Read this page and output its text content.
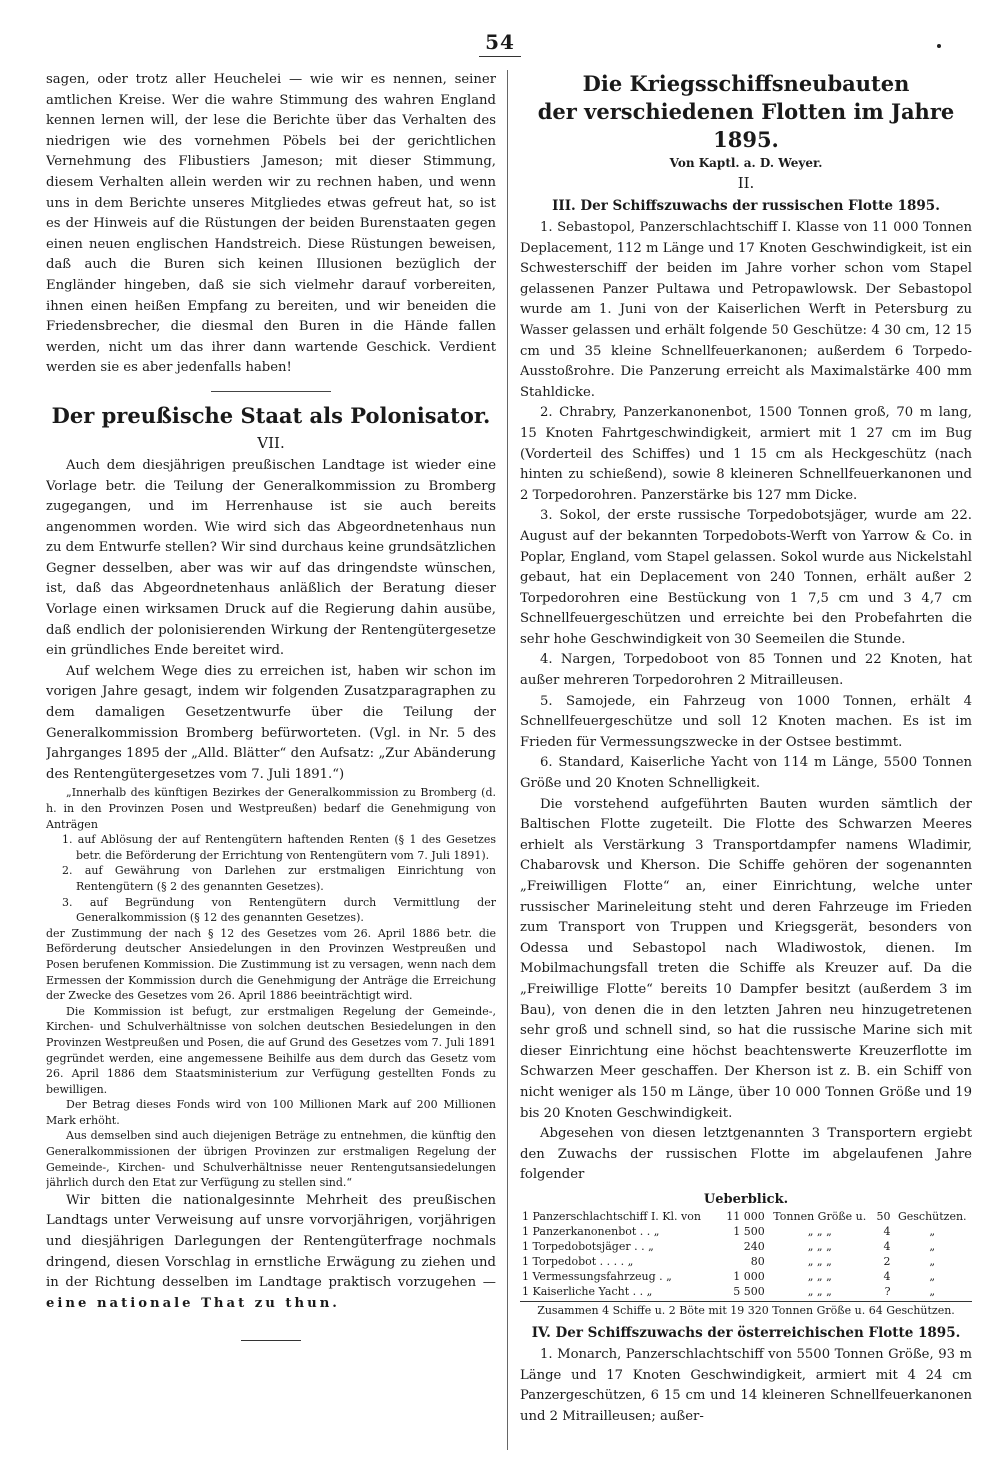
54

sagen, oder trotz aller Heuchelei — wie wir es nennen, seiner amtlichen Kreise. Wer die wahre Stimmung des wahren England kennen lernen will, der lese die Berichte über das Verhalten des niedrigen wie des vornehmen Pöbels bei der gerichtlichen Vernehmung des Flibustiers Jameson; mit dieser Stimmung, diesem Verhalten allein werden wir zu rechnen haben, und wenn uns in dem Berichte unseres Mitgliedes etwas gefreut hat, so ist es der Hinweis auf die Rüstungen der beiden Burenstaaten gegen einen neuen englischen Handstreich. Diese Rüstungen beweisen, daß auch die Buren sich keinen Illusionen bezüglich der Engländer hingeben, daß sie sich vielmehr darauf vorbereiten, ihnen einen heißen Empfang zu bereiten, und wir beneiden die Friedensbrecher, die diesmal den Buren in die Hände fallen werden, nicht um das ihrer dann wartende Geschick. Verdient werden sie es aber jedenfalls haben!

Der preußische Staat als Polonisator.
VII.

Auch dem diesjährigen preußischen Landtage ist wieder eine Vorlage betr. die Teilung der Generalkommission zu Bromberg zugegangen, und im Herrenhause ist sie auch bereits angenommen worden. Wie wird sich das Abgeordnetenhaus nun zu dem Entwurfe stellen? Wir sind durchaus keine grundsätzlichen Gegner desselben, aber was wir auf das dringendste wünschen, ist, daß das Abgeordnetenhaus anläßlich der Beratung dieser Vorlage einen wirksamen Druck auf die Regierung dahin ausübe, daß endlich der polonisierenden Wirkung der Rentengütergesetze ein gründliches Ende bereitet wird.

Auf welchem Wege dies zu erreichen ist, haben wir schon im vorigen Jahre gesagt, indem wir folgenden Zusatzparagraphen zu dem damaligen Gesetzentwurfe über die Teilung der Generalkommission Bromberg befürworteten. (Vgl. in Nr. 5 des Jahrganges 1895 der „Alld. Blätter“ den Aufsatz: „Zur Abänderung des Rentengütergesetzes vom 7. Juli 1891.“)

„Innerhalb des künftigen Bezirkes der Generalkommission zu Bromberg (d. h. in den Provinzen Posen und Westpreußen) bedarf die Genehmigung von Anträgen

1. auf Ablösung der auf Rentengütern haftenden Renten (§ 1 des Gesetzes betr. die Beförderung der Errichtung von Rentengütern vom 7. Juli 1891).

2. auf Gewährung von Darlehen zur erstmaligen Einrichtung von Rentengütern (§ 2 des genannten Gesetzes).

3. auf Begründung von Rentengütern durch Vermittlung der Generalkommission (§ 12 des genannten Gesetzes).

der Zustimmung der nach § 12 des Gesetzes vom 26. April 1886 betr. die Beförderung deutscher Ansiedelungen in den Provinzen Westpreußen und Posen berufenen Kommission. Die Zustimmung ist zu versagen, wenn nach dem Ermessen der Kommission durch die Genehmigung der Anträge die Erreichung der Zwecke des Gesetzes vom 26. April 1886 beeinträchtigt wird.

Die Kommission ist befugt, zur erstmaligen Regelung der Gemeinde-, Kirchen- und Schulverhältnisse von solchen deutschen Besiedelungen in den Provinzen Westpreußen und Posen, die auf Grund des Gesetzes vom 7. Juli 1891 gegründet werden, eine angemessene Beihilfe aus dem durch das Gesetz vom 26. April 1886 dem Staatsministerium zur Verfügung gestellten Fonds zu bewilligen.

Der Betrag dieses Fonds wird von 100 Millionen Mark auf 200 Millionen Mark erhöht.

Aus demselben sind auch diejenigen Beträge zu entnehmen, die künftig den Generalkommissionen der übrigen Provinzen zur erstmaligen Regelung der Gemeinde-, Kirchen- und Schulverhältnisse neuer Rentengutsansiedelungen jährlich durch den Etat zur Verfügung zu stellen sind.“

Wir bitten die nationalgesinnte Mehrheit des preußischen Landtags unter Verweisung auf unsre vorvorjährigen, vorjährigen und diesjährigen Darlegungen der Rentengüterfrage nochmals dringend, diesen Vorschlag in ernstliche Erwägung zu ziehen und in der Richtung desselben im Landtage praktisch vorzugehen — eine nationale That zu thun.

Die Kriegsschiffsneubauten
der verschiedenen Flotten im Jahre 1895.
Von Kaptl. a. D. Weyer.
II.
III. Der Schiffszuwachs der russischen Flotte 1895.

1. Sebastopol, Panzerschlachtschiff I. Klasse von 11 000 Tonnen Deplacement, 112 m Länge und 17 Knoten Geschwindigkeit, ist ein Schwesterschiff der beiden im Jahre vorher schon vom Stapel gelassenen Panzer Pultawa und Petropawlowsk. Der Sebastopol wurde am 1. Juni von der Kaiserlichen Werft in Petersburg zu Wasser gelassen und erhält folgende 50 Geschütze: 4 30 cm, 12 15 cm und 35 kleine Schnellfeuerkanonen; außerdem 6 Torpedo-Ausstoßrohre. Die Panzerung erreicht als Maximalstärke 400 mm Stahldicke.

2. Chrabry, Panzerkanonenbot, 1500 Tonnen groß, 70 m lang, 15 Knoten Fahrtgeschwindigkeit, armiert mit 1 27 cm im Bug (Vorderteil des Schiffes) und 1 15 cm als Heckgeschütz (nach hinten zu schießend), sowie 8 kleineren Schnellfeuerkanonen und 2 Torpedorohren. Panzerstärke bis 127 mm Dicke.

3. Sokol, der erste russische Torpedobotsjäger, wurde am 22. August auf der bekannten Torpedobots-Werft von Yarrow & Co. in Poplar, England, vom Stapel gelassen. Sokol wurde aus Nickelstahl gebaut, hat ein Deplacement von 240 Tonnen, erhält außer 2 Torpedorohren eine Bestückung von 1 7,5 cm und 3 4,7 cm Schnellfeuergeschützen und erreichte bei den Probefahrten die sehr hohe Geschwindigkeit von 30 Seemeilen die Stunde.

4. Nargen, Torpedoboot von 85 Tonnen und 22 Knoten, hat außer mehreren Torpedorohren 2 Mitrailleusen.

5. Samojede, ein Fahrzeug von 1000 Tonnen, erhält 4 Schnellfeuergeschütze und soll 12 Knoten machen. Es ist im Frieden für Vermessungszwecke in der Ostsee bestimmt.

6. Standard, Kaiserliche Yacht von 114 m Länge, 5500 Tonnen Größe und 20 Knoten Schnelligkeit.

Die vorstehend aufgeführten Bauten wurden sämtlich der Baltischen Flotte zugeteilt. Die Flotte des Schwarzen Meeres erhielt als Verstärkung 3 Transportdampfer namens Wladimir, Chabarovsk und Kherson. Die Schiffe gehören der sogenannten „Freiwilligen Flotte“ an, einer Einrichtung, welche unter russischer Marineleitung steht und deren Fahrzeuge im Frieden zum Transport von Truppen und Kriegsgerät, besonders von Odessa und Sebastopol nach Wladiwostok, dienen. Im Mobilmachungsfall treten die Schiffe als Kreuzer auf. Da die „Freiwillige Flotte“ bereits 10 Dampfer besitzt (außerdem 3 im Bau), von denen die in den letzten Jahren neu hinzugetretenen sehr groß und schnell sind, so hat die russische Marine sich mit dieser Einrichtung eine höchst beachtenswerte Kreuzerflotte im Schwarzen Meer geschaffen. Der Kherson ist z. B. ein Schiff von nicht weniger als 150 m Länge, über 10 000 Tonnen Größe und 19 bis 20 Knoten Geschwindigkeit.

Abgesehen von diesen letztgenannten 3 Transportern ergiebt den Zuwachs der russischen Flotte im abgelaufenen Jahre folgender

Ueberblick.
1 Panzerschlachtschiff I. Kl. von	11 000	Tonnen Größe u.	50	Geschützen.
1 Panzerkanonenbot . . „	1 500	„ „ „	4	„
1 Torpedobotsjäger . . „	240	„ „ „	4	„
1 Torpedobot . . . . „	80	„ „ „	2	„
1 Vermessungsfahrzeug . „	1 000	„ „ „	4	„
1 Kaiserliche Yacht . . „	5 500	„ „ „	?	„
Zusammen 4 Schiffe u. 2 Böte mit 19 320 Tonnen Größe u. 64 Geschützen.
IV. Der Schiffszuwachs der österreichischen Flotte 1895.

1. Monarch, Panzerschlachtschiff von 5500 Tonnen Größe, 93 m Länge und 17 Knoten Geschwindigkeit, armiert mit 4 24 cm Panzergeschützen, 6 15 cm und 14 kleineren Schnellfeuerkanonen und 2 Mitrailleusen; außer-
